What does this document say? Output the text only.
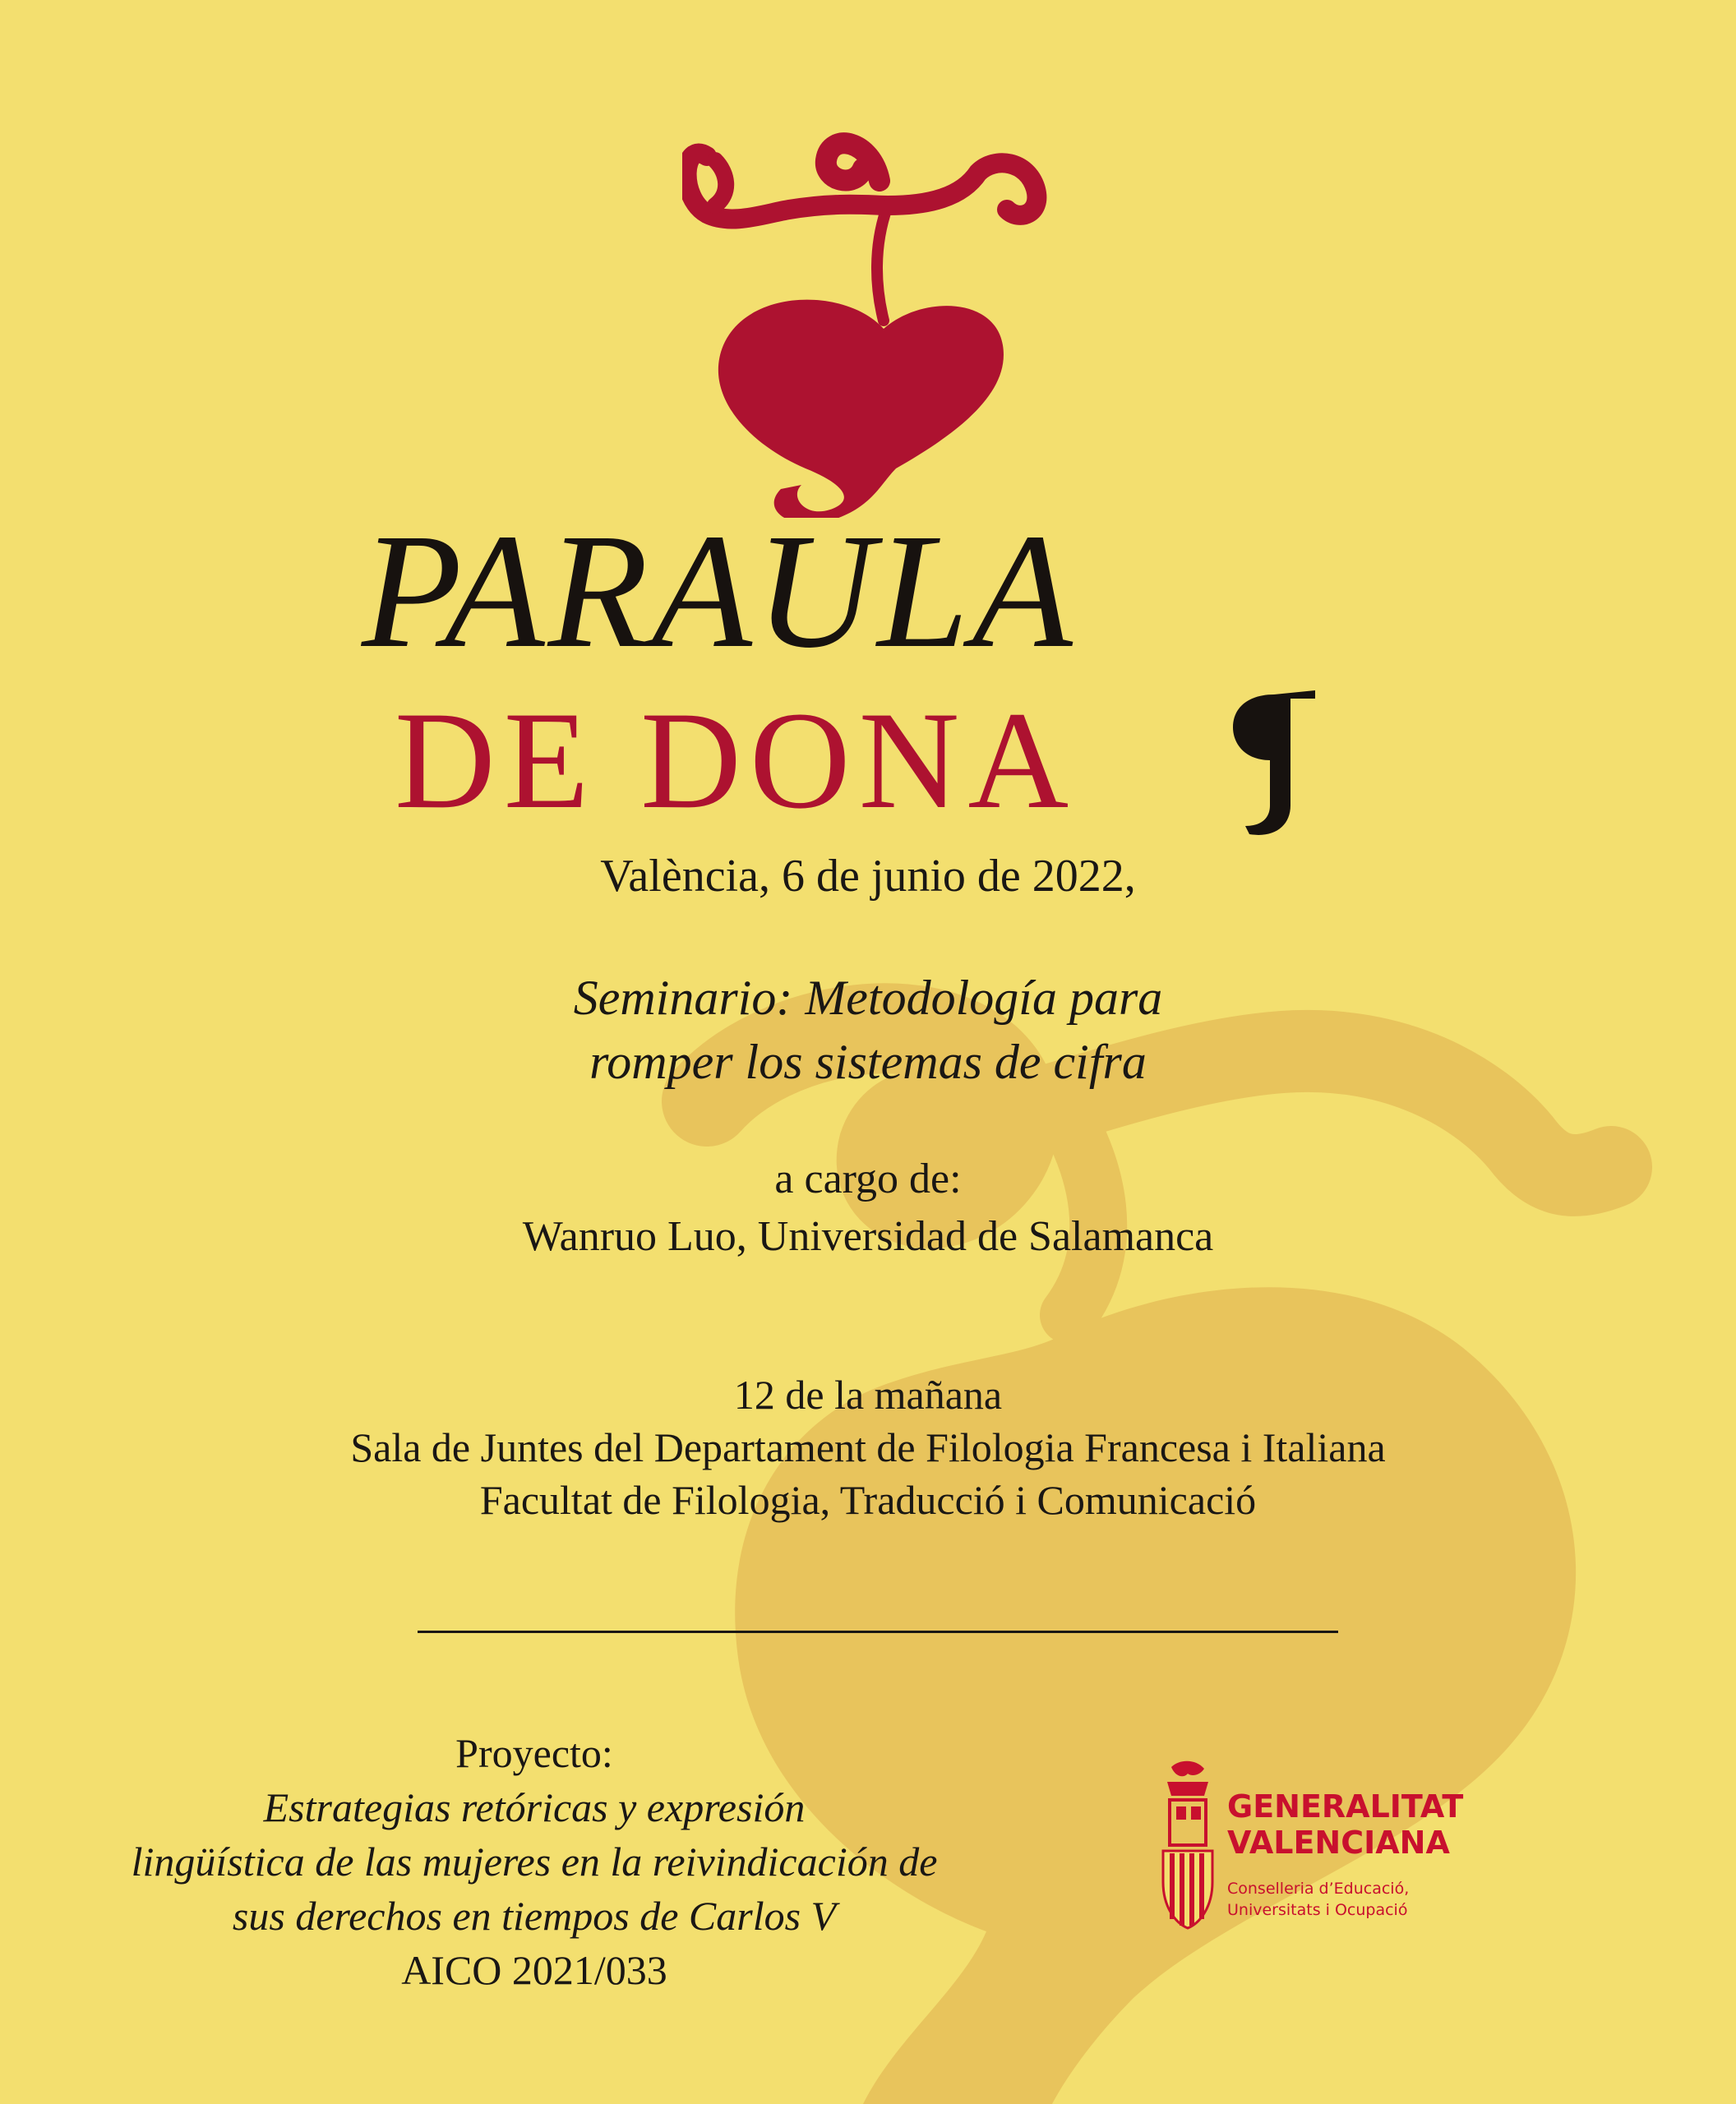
PARAULA
DE DONA
València, 6 de junio de 2022,
Seminario: Metodología para
romper los sistemas de cifra
a cargo de:
Wanruo Luo, Universidad de Salamanca
12 de la mañana
Sala de Juntes del Departament de Filologia Francesa i Italiana
Facultat de Filologia, Traducció i Comunicació
Proyecto:
Estrategias retóricas y expresión
lingüística de las mujeres en la reivindicación de
sus derechos en tiempos de Carlos V
AICO 2021/033
GENERALITAT
VALENCIANA
Conselleria d’Educació,
Universitats i Ocupació
